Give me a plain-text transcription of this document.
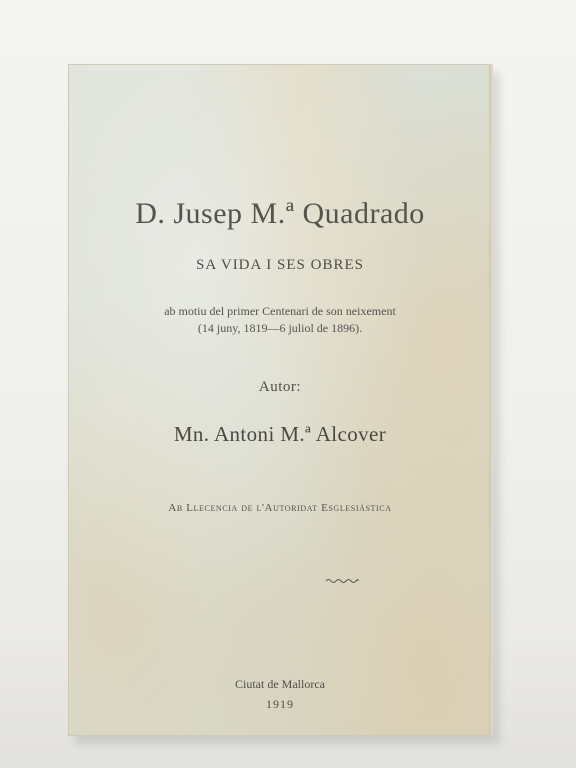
D. Jusep M.ª Quadrado
SA VIDA I SES OBRES
ab motiu del primer Centenari de son neixement
(14 juny, 1819—6 juliol de 1896).
Autor:
Mn. Antoni M.ª Alcover
Ab Llecencia de l'Autoridat Esglesiástica
Ciutat de Mallorca
1919
